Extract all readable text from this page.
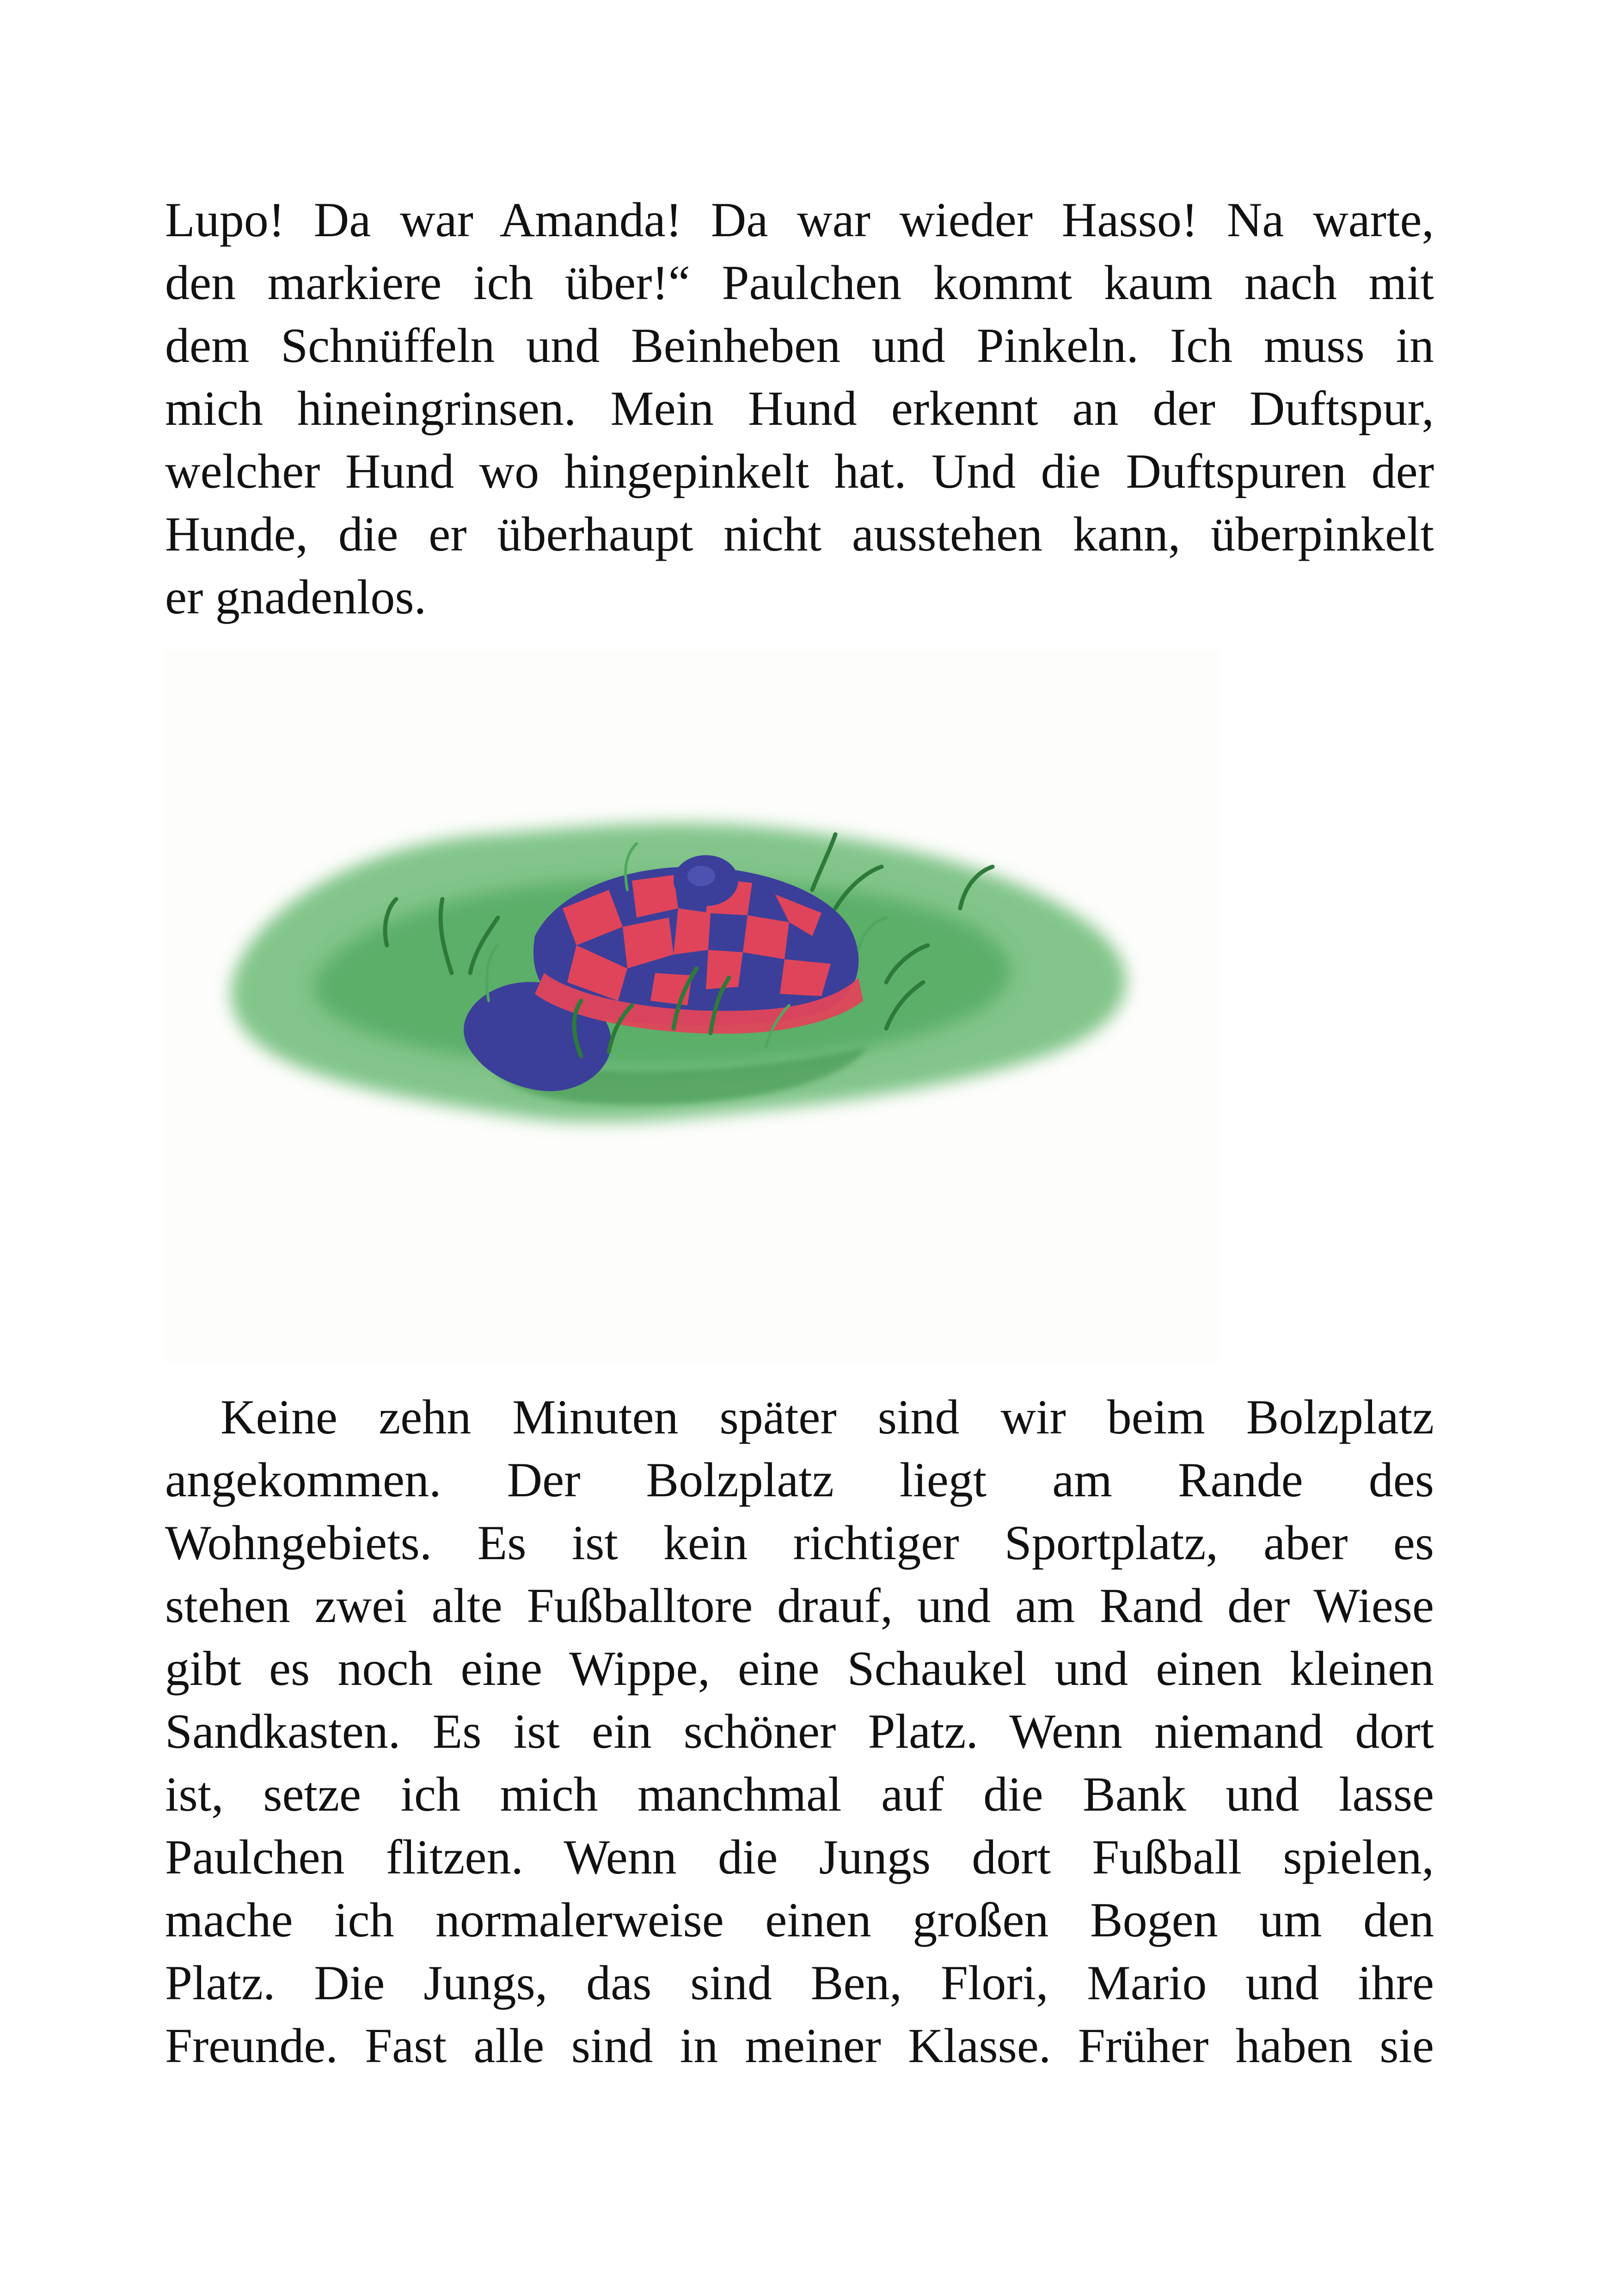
Lupo! Da war Amanda! Da war wieder Hasso! Na warte,
den markiere ich über!“ Paulchen kommt kaum nach mit
dem Schnüffeln und Beinheben und Pinkeln. Ich muss in
mich hineingrinsen. Mein Hund erkennt an der Duftspur,
welcher Hund wo hingepinkelt hat. Und die Duftspuren der
Hunde, die er überhaupt nicht ausstehen kann, überpinkelt
er gnadenlos.
Keine zehn Minuten später sind wir beim Bolzplatz
angekommen. Der Bolzplatz liegt am Rande des
Wohngebiets. Es ist kein richtiger Sportplatz, aber es
stehen zwei alte Fußballtore drauf, und am Rand der Wiese
gibt es noch eine Wippe, eine Schaukel und einen kleinen
Sandkasten. Es ist ein schöner Platz. Wenn niemand dort
ist, setze ich mich manchmal auf die Bank und lasse
Paulchen flitzen. Wenn die Jungs dort Fußball spielen,
mache ich normalerweise einen großen Bogen um den
Platz. Die Jungs, das sind Ben, Flori, Mario und ihre
Freunde. Fast alle sind in meiner Klasse. Früher haben sie
